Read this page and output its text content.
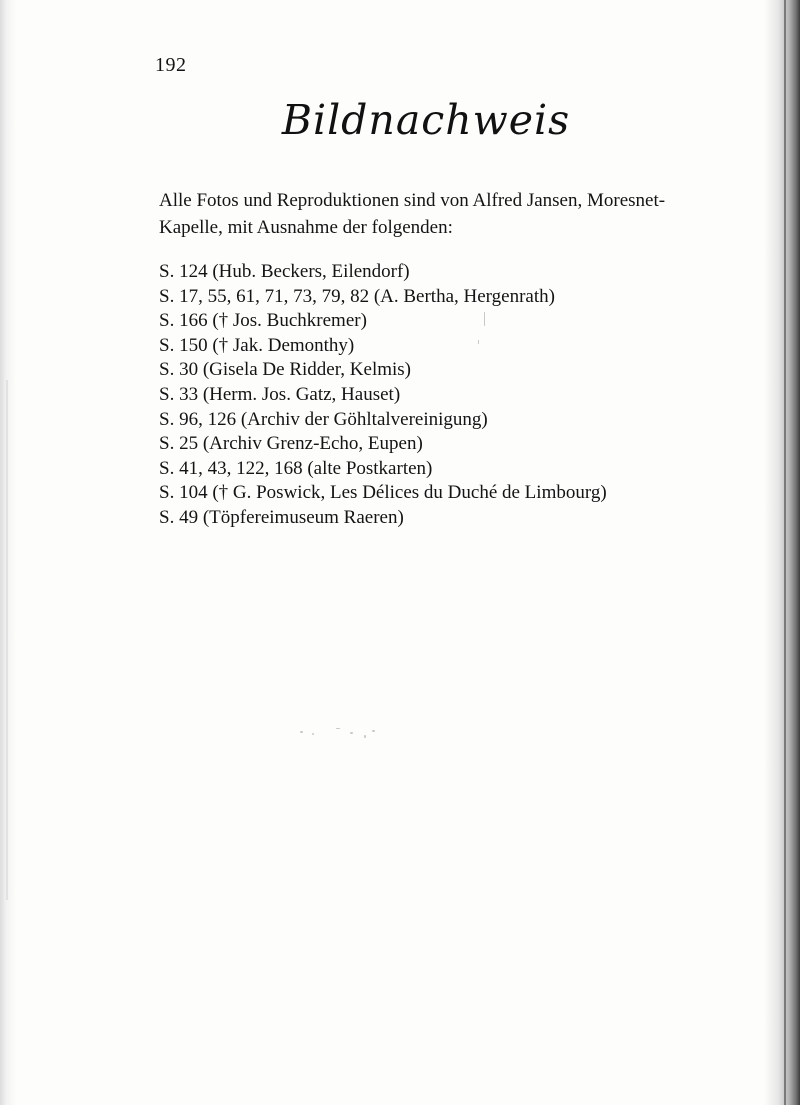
192
Bildnachweis
Alle Fotos und Reproduktionen sind von Alfred Jansen, Moresnet-
Kapelle, mit Ausnahme der folgenden:
S. 124 (Hub. Beckers, Eilendorf)
S. 17, 55, 61, 71, 73, 79, 82 (A. Bertha, Hergenrath)
S. 166 († Jos. Buchkremer)
S. 150 († Jak. Demonthy)
S. 30 (Gisela De Ridder, Kelmis)
S. 33 (Herm. Jos. Gatz, Hauset)
S. 96, 126 (Archiv der Göhltalvereinigung)
S. 25 (Archiv Grenz-Echo, Eupen)
S. 41, 43, 122, 168 (alte Postkarten)
S. 104 († G. Poswick, Les Délices du Duché de Limbourg)
S. 49 (Töpfereimuseum Raeren)
